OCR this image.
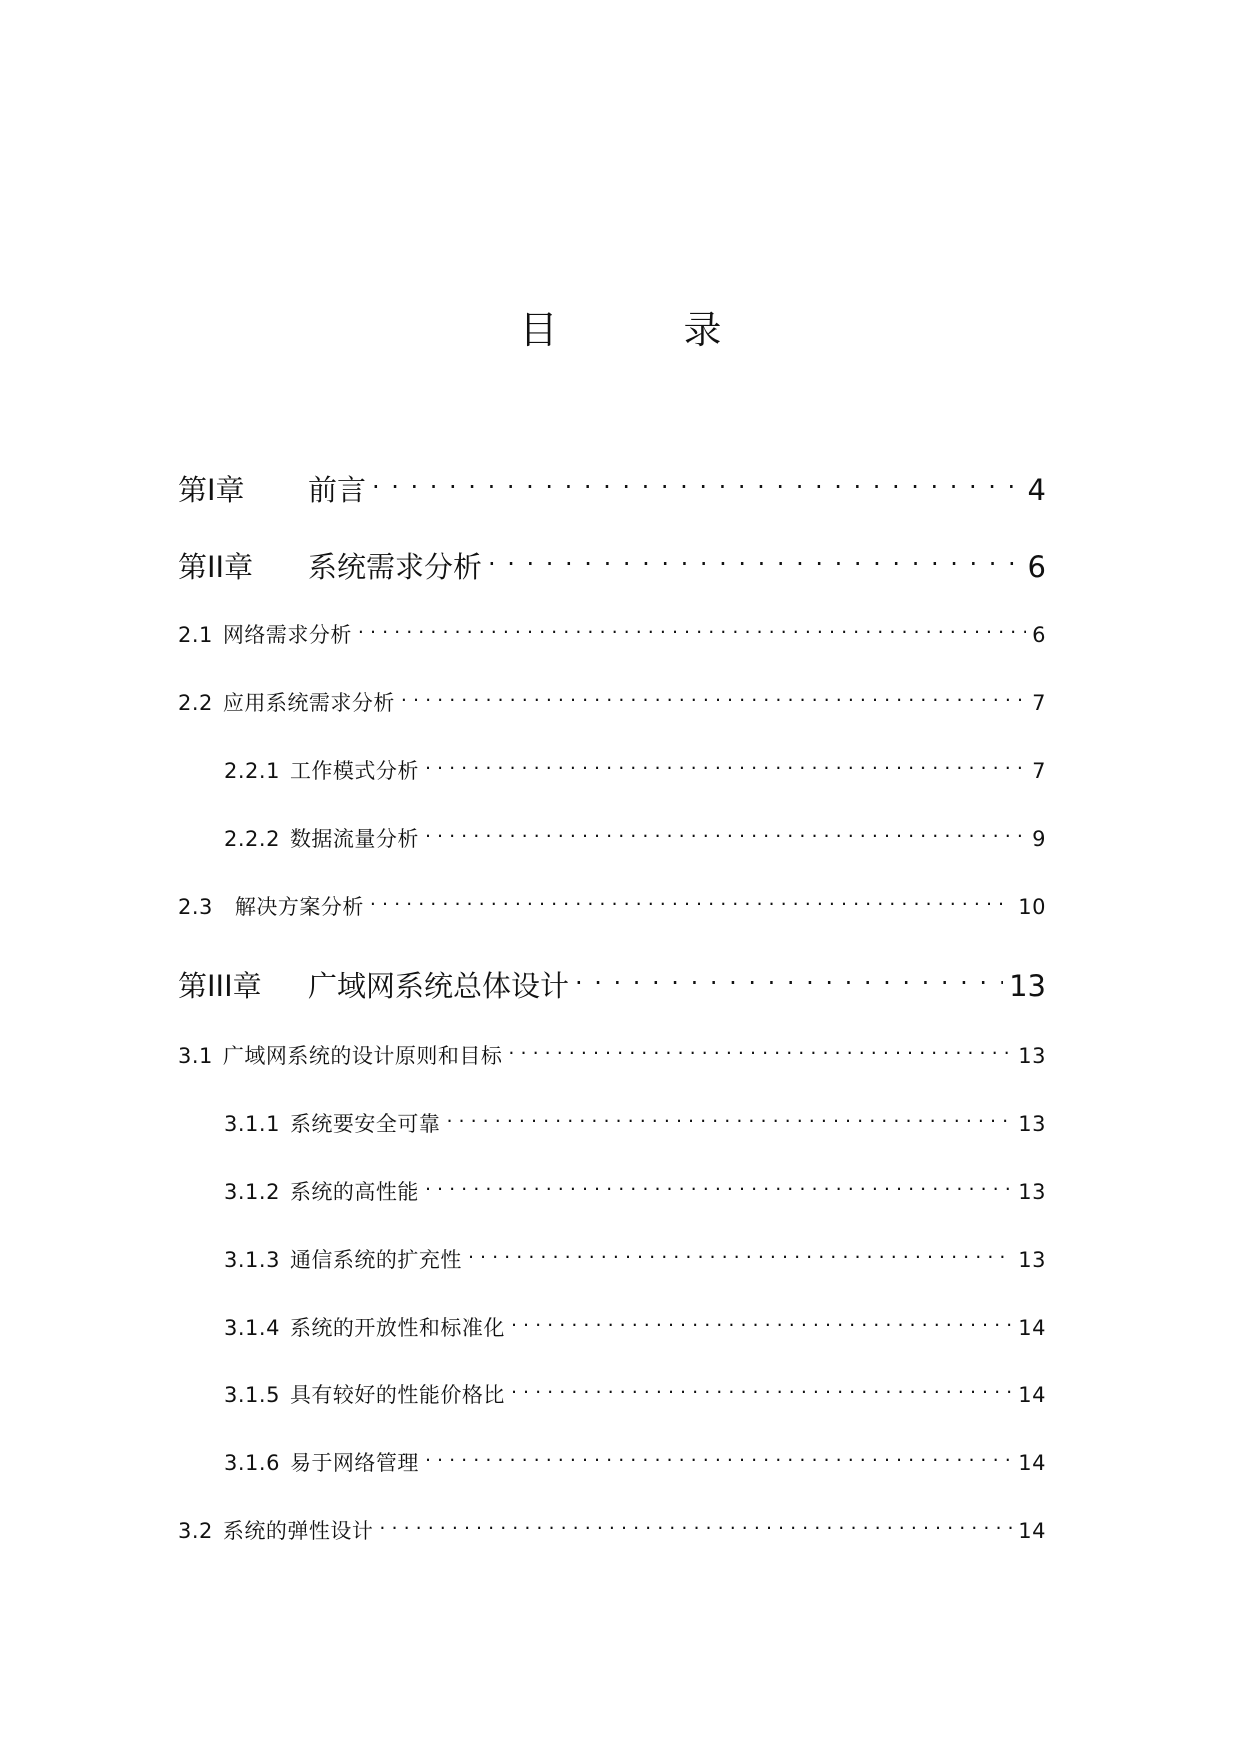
目 录
第I章	前言 . . .	4
第II章	系统需求分析 . . .	6
2.1 网络需求分析 . . .	6
2.2 应用系统需求分析 . . .	7
2.2.1 工作模式分析 . . .	7
2.2.2 数据流量分析 . . .	9
2.3 解决方案分析 . . .	10
第III章	广域网系统总体设计 . . .	13
3.1 广域网系统的设计原则和目标 . . .	13
3.1.1 系统要安全可靠 . . .	13
3.1.2 系统的高性能 . . .	13
3.1.3 通信系统的扩充性 . . .	13
3.1.4 系统的开放性和标准化 . . .	14
3.1.5 具有较好的性能价格比 . . .	14
3.1.6 易于网络管理 . . .	14
3.2 系统的弹性设计 . . .	14
